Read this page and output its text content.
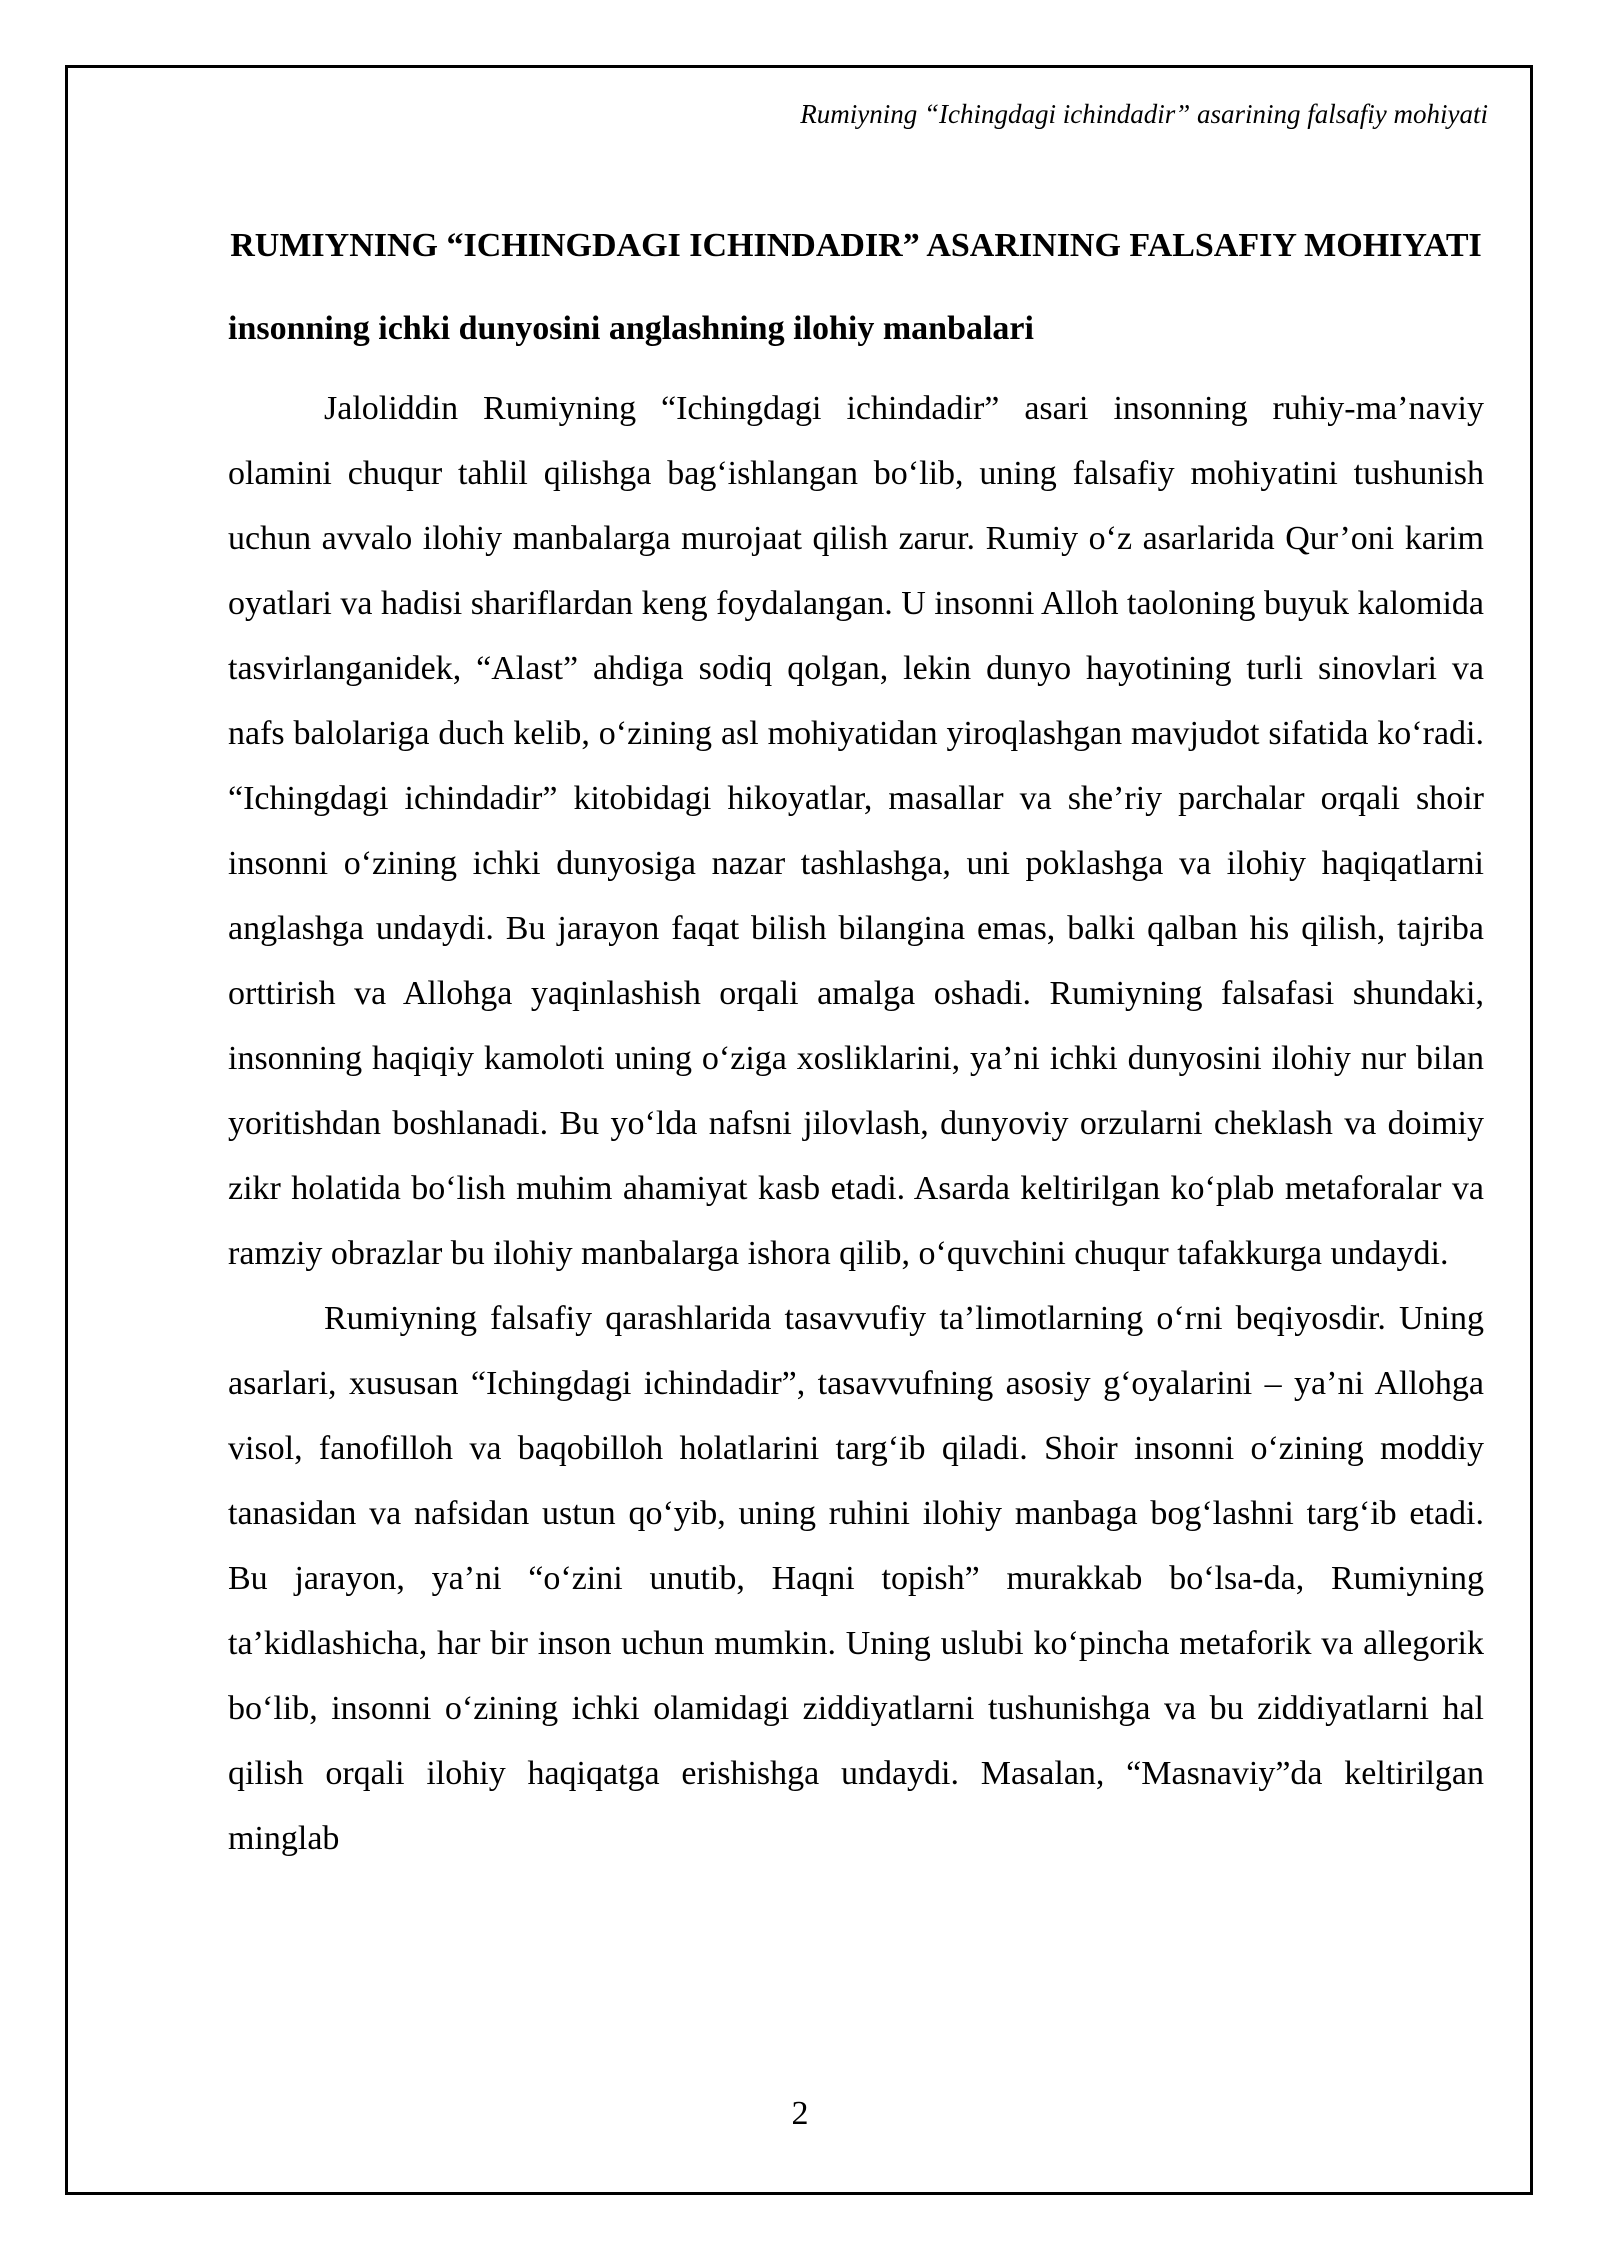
Rumiyning “Ichingdagi ichindadir” asarining falsafiy mohiyati
RUMIYNING “ICHINGDAGI ICHINDADIR” ASARINING FALSAFIY MOHIYATI
insonning ichki dunyosini anglashning ilohiy manbalari

Jaloliddin Rumiyning “Ichingdagi ichindadir” asari insonning ruhiy-ma’naviy olamini chuqur tahlil qilishga bag‘ishlangan bo‘lib, uning falsafiy mohiyatini tushunish uchun avvalo ilohiy manbalarga murojaat qilish zarur. Rumiy o‘z asarlarida Qur’oni karim oyatlari va hadisi shariflardan keng foydalangan. U insonni Alloh taoloning buyuk kalomida tasvirlanganidek, “Alast” ahdiga sodiq qolgan, lekin dunyo hayotining turli sinovlari va nafs balolariga duch kelib, o‘zining asl mohiyatidan yiroqlashgan mavjudot sifatida ko‘radi. “Ichingdagi ichindadir” kitobidagi hikoyatlar, masallar va she’riy parchalar orqali shoir insonni o‘zining ichki dunyosiga nazar tashlashga, uni poklashga va ilohiy haqiqatlarni anglashga undaydi. Bu jarayon faqat bilish bilangina emas, balki qalban his qilish, tajriba orttirish va Allohga yaqinlashish orqali amalga oshadi. Rumiyning falsafasi shundaki, insonning haqiqiy kamoloti uning o‘ziga xosliklarini, ya’ni ichki dunyosini ilohiy nur bilan yoritishdan boshlanadi. Bu yo‘lda nafsni jilovlash, dunyoviy orzularni cheklash va doimiy zikr holatida bo‘lish muhim ahamiyat kasb etadi. Asarda keltirilgan ko‘plab metaforalar va ramziy obrazlar bu ilohiy manbalarga ishora qilib, o‘quvchini chuqur tafakkurga undaydi.

Rumiyning falsafiy qarashlarida tasavvufiy ta’limotlarning o‘rni beqiyosdir. Uning asarlari, xususan “Ichingdagi ichindadir”, tasavvufning asosiy g‘oyalarini – ya’ni Allohga visol, fanofilloh va baqobilloh holatlarini targ‘ib qiladi. Shoir insonni o‘zining moddiy tanasidan va nafsidan ustun qo‘yib, uning ruhini ilohiy manbaga bog‘lashni targ‘ib etadi. Bu jarayon, ya’ni “o‘zini unutib, Haqni topish” murakkab bo‘lsa-da, Rumiyning ta’kidlashicha, har bir inson uchun mumkin. Uning uslubi ko‘pincha metaforik va allegorik bo‘lib, insonni o‘zining ichki olamidagi ziddiyatlarni tushunishga va bu ziddiyatlarni hal qilish orqali ilohiy haqiqatga erishishga undaydi. Masalan, “Masnaviy”da keltirilgan minglab

2
